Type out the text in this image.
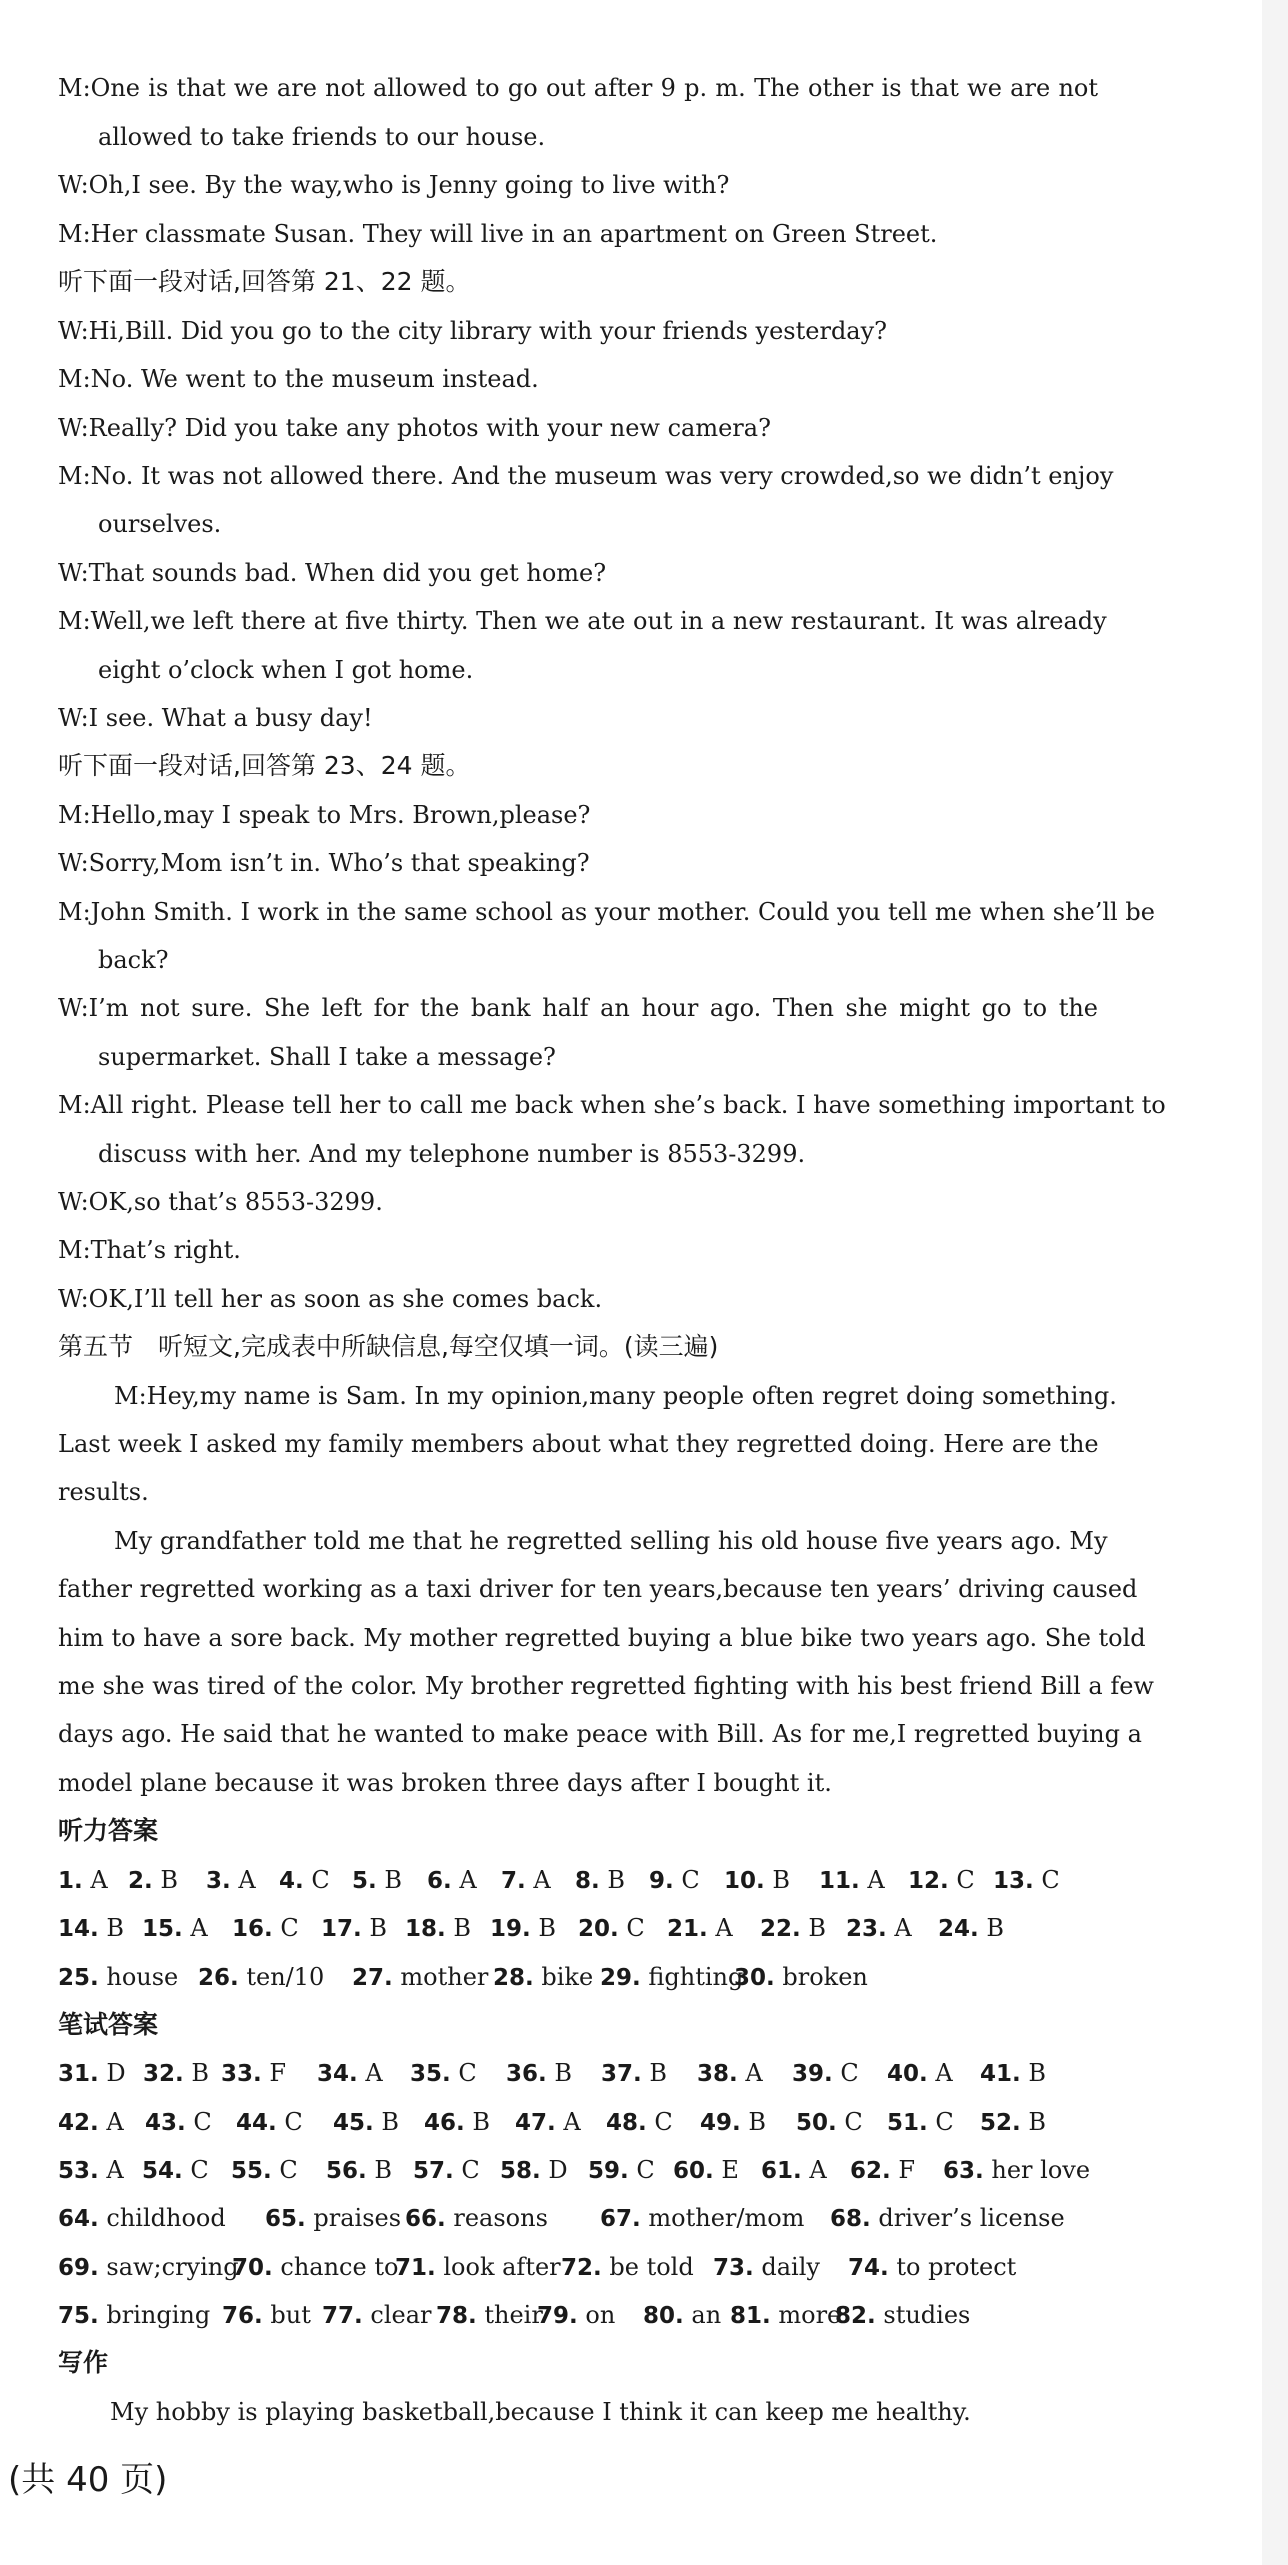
M:One is that we are not allowed to go out after 9 p. m. The other is that we are not
allowed to take friends to our house.
W:Oh,I see. By the way,who is Jenny going to live with?
M:Her classmate Susan. They will live in an apartment on Green Street.
听下面一段对话,回答第 21、22 题。
W:Hi,Bill. Did you go to the city library with your friends yesterday?
M:No. We went to the museum instead.
W:Really? Did you take any photos with your new camera?
M:No. It was not allowed there. And the museum was very crowded,so we didn’t enjoy
ourselves.
W:That sounds bad. When did you get home?
M:Well,we left there at five thirty. Then we ate out in a new restaurant. It was already
eight o’clock when I got home.
W:I see. What a busy day!
听下面一段对话,回答第 23、24 题。
M:Hello,may I speak to Mrs. Brown,please?
W:Sorry,Mom isn’t in. Who’s that speaking?
M:John Smith. I work in the same school as your mother. Could you tell me when she’ll be
back?
W:I’m not sure. She left for the bank half an hour ago. Then she might go to the
supermarket. Shall I take a message?
M:All right. Please tell her to call me back when she’s back. I have something important to
discuss with her. And my telephone number is 8553-3299.
W:OK,so that’s 8553-3299.
M:That’s right.
W:OK,I’ll tell her as soon as she comes back.
第五节　听短文,完成表中所缺信息,每空仅填一词。(读三遍)
M:Hey,my name is Sam. In my opinion,many people often regret doing something.
Last week I asked my family members about what they regretted doing. Here are the
results.
My grandfather told me that he regretted selling his old house five years ago. My
father regretted working as a taxi driver for ten years,because ten years’ driving caused
him to have a sore back. My mother regretted buying a blue bike two years ago. She told
me she was tired of the color. My brother regretted fighting with his best friend Bill a few
days ago. He said that he wanted to make peace with Bill. As for me,I regretted buying a
model plane because it was broken three days after I bought it.
听力答案
1. A 2. B 3. A 4. C 5. B 6. A 7. A 8. B 9. C 10. B 11. A 12. C 13. C
14. B 15. A 16. C 17. B 18. B 19. B 20. C 21. A 22. B 23. A 24. B
25. house 26. ten/10 27. mother 28. bike 29. fighting
30. broken
笔试答案
31. D 32. B 33. F 34. A 35. C 36. B 37. B 38. A 39. C 40. A 41. B
42. A 43. C 44. C 45. B 46. B 47. A 48. C 49. B 50. C 51. C 52. B
53. A 54. C 55. C 56. B 57. C 58. D 59. C 60. E 61. A 62. F 63. her love
64. childhood 65. praises 66. reasons 67. mother/mom 68. driver’s license
69. saw;crying
70. chance to
71. look after 72. be told 73. daily 74. to protect
75. bringing 76. but 77. clear 78. their
79. on 80. an 81. more
82. studies
写作
My hobby is playing basketball,because I think it can keep me healthy.
(共 40 页)
